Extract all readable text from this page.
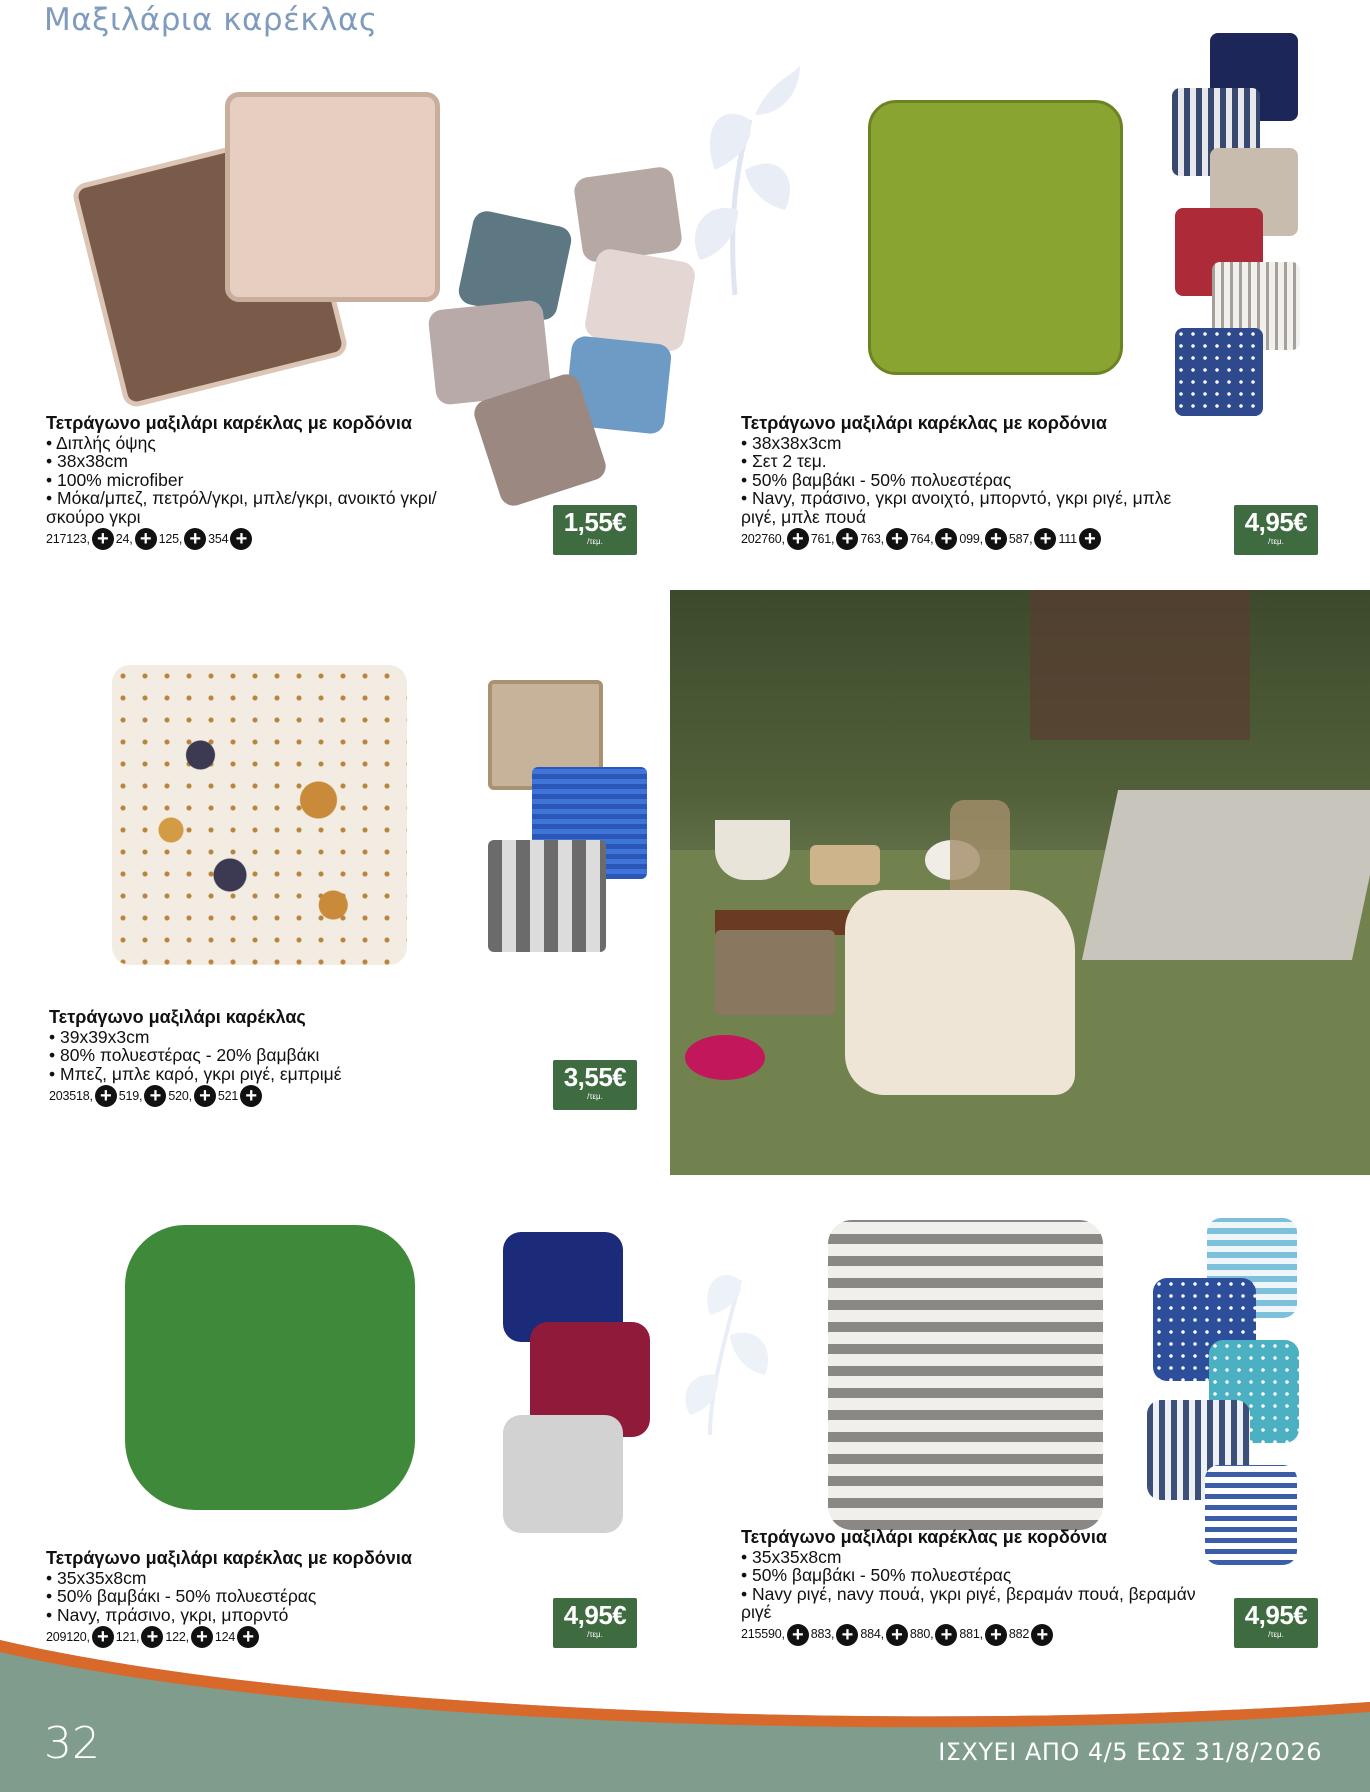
Μαξιλάρια καρέκλας
Τετράγωνο μαξιλάρι καρέκλας με κορδόνια
• Διπλής όψης
• 38x38cm
• 100% microfiber
• Μόκα/μπεζ, πετρόλ/γκρι, μπλε/γκρι, ανοικτό γκρι/σκούρο γκρι
217123, + 24, + 125, + 354 +
1,55€
/τεμ.
Τετράγωνο μαξιλάρι καρέκλας με κορδόνια
• 38x38x3cm
• Σετ 2 τεμ.
• 50% βαμβάκι - 50% πολυεστέρας
• Navy, πράσινο, γκρι ανοιχτό, μπορντό, γκρι ριγέ, μπλε ριγέ, μπλε πουά
202760, + 761, + 763, + 764, + 099, + 587, + 111 +
4,95€
/τεμ.
Τετράγωνο μαξιλάρι καρέκλας
• 39x39x3cm
• 80% πολυεστέρας - 20% βαμβάκι
• Μπεζ, μπλε καρό, γκρι ριγέ, εμπριμέ
203518, + 519, + 520, + 521 +
3,55€
/τεμ.
Τετράγωνο μαξιλάρι καρέκλας με κορδόνια
• 35x35x8cm
• 50% βαμβάκι - 50% πολυεστέρας
• Navy, πράσινο, γκρι, μπορντό
209120, + 121, + 122, + 124 +
4,95€
/τεμ.
Τετράγωνο μαξιλάρι καρέκλας με κορδόνια
• 35x35x8cm
• 50% βαμβάκι - 50% πολυεστέρας
• Navy ριγέ, navy πουά, γκρι ριγέ, βεραμάν πουά, βεραμάν ριγέ
215590, + 883, + 884, + 880, + 881, + 882 +
4,95€
/τεμ.
32	ΙΣΧΥΕΙ ΑΠΟ 4/5 ΕΩΣ 31/8/2026
